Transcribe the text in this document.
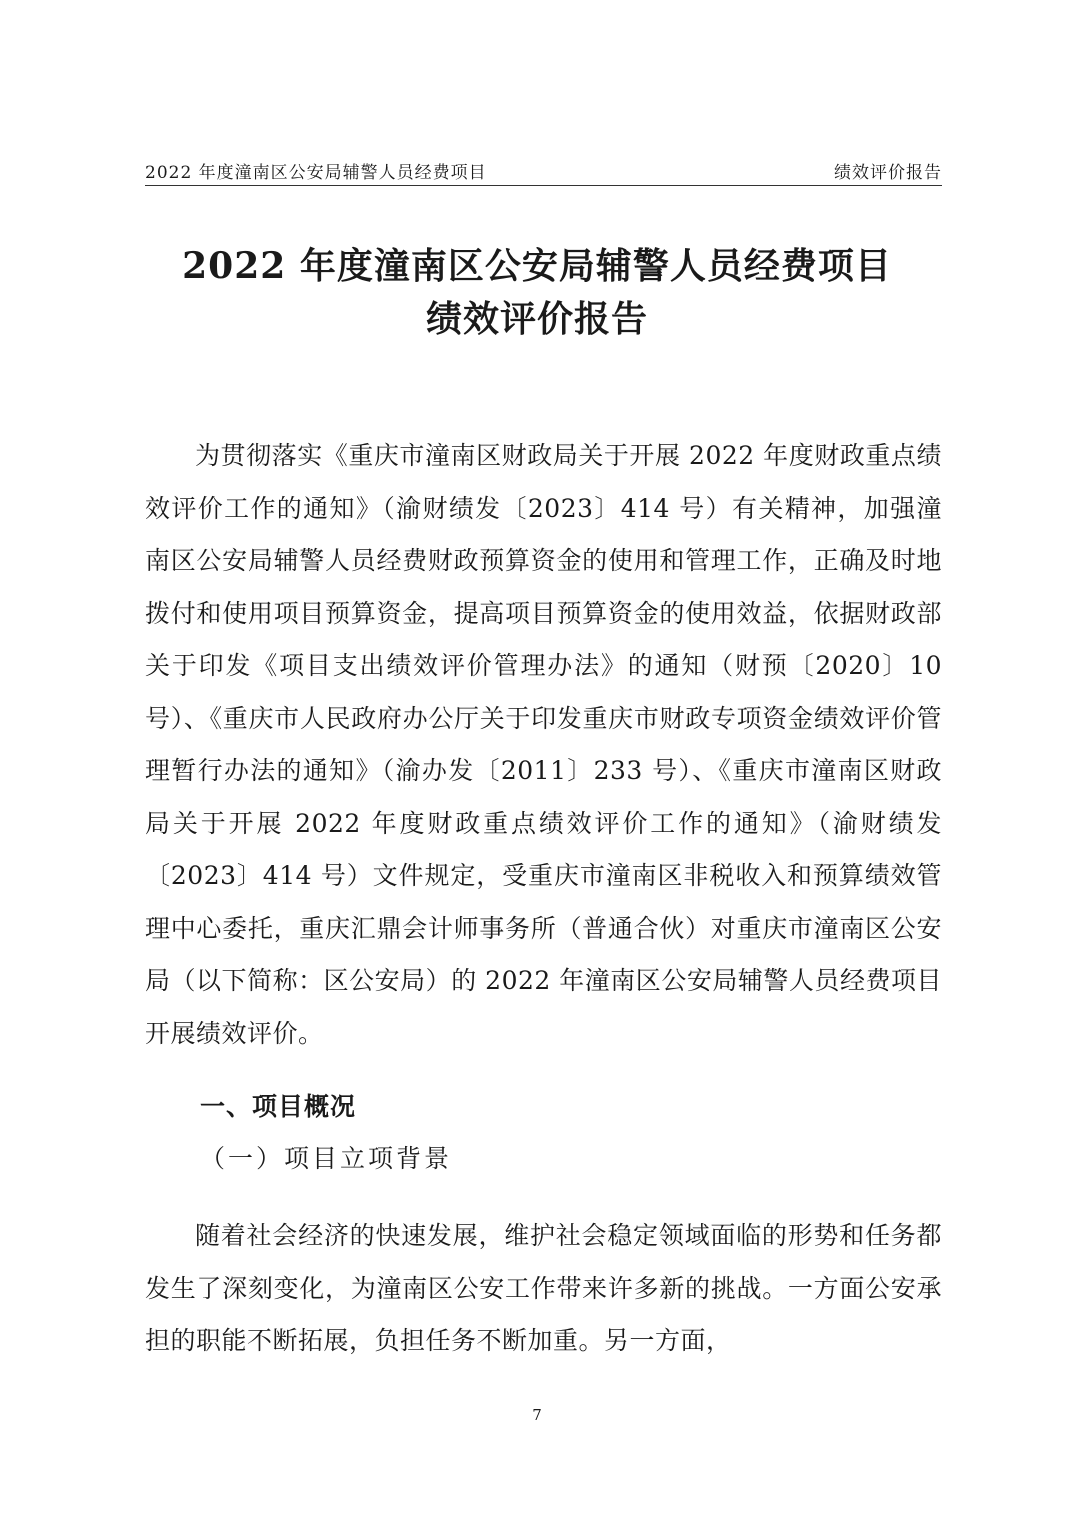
2022 年度潼南区公安局辅警人员经费项目	绩效评价报告
2022 年度潼南区公安局辅警人员经费项目
绩效评价报告

为贯彻落实《重庆市潼南区财政局关于开展 2022 年度财政重点绩效评价工作的通知》（渝财绩发〔2023〕414 号）有关精神，加强潼南区公安局辅警人员经费财政预算资金的使用和管理工作，正确及时地拨付和使用项目预算资金，提高项目预算资金的使用效益，依据财政部关于印发《项目支出绩效评价管理办法》的通知（财预〔2020〕10 号）、《重庆市人民政府办公厅关于印发重庆市财政专项资金绩效评价管理暂行办法的通知》（渝办发〔2011〕233 号）、《重庆市潼南区财政局关于开展 2022 年度财政重点绩效评价工作的通知》（渝财绩发〔2023〕414 号）文件规定，受重庆市潼南区非税收入和预算绩效管理中心委托，重庆汇鼎会计师事务所（普通合伙）对重庆市潼南区公安局（以下简称：区公安局）的 2022 年潼南区公安局辅警人员经费项目开展绩效评价。

一、项目概况
（一）项目立项背景

随着社会经济的快速发展，维护社会稳定领域面临的形势和任务都发生了深刻变化，为潼南区公安工作带来许多新的挑战。一方面公安承担的职能不断拓展，负担任务不断加重。另一方面，

7
